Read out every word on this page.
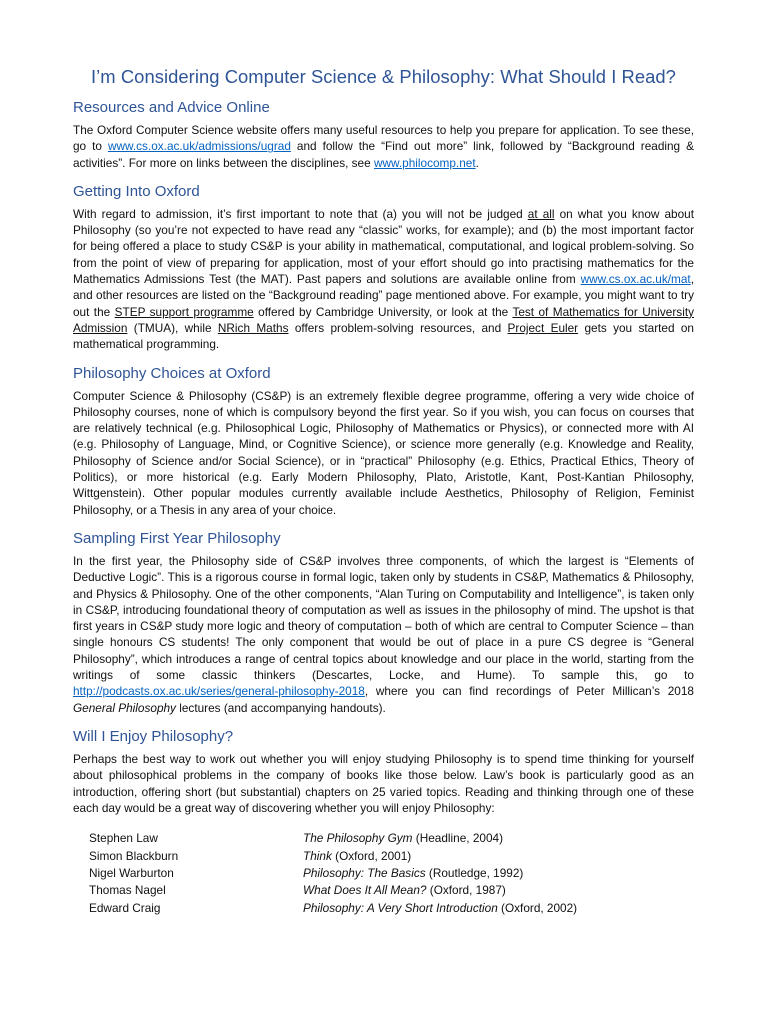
I’m Considering Computer Science & Philosophy: What Should I Read?
Resources and Advice Online

The Oxford Computer Science website offers many useful resources to help you prepare for application. To see these, go to www.cs.ox.ac.uk/admissions/ugrad and follow the “Find out more” link, followed by “Background reading & activities”. For more on links between the disciplines, see www.philocomp.net.

Getting Into Oxford

With regard to admission, it’s first important to note that (a) you will not be judged at all on what you know about Philosophy (so you’re not expected to have read any “classic” works, for example); and (b) the most important factor for being offered a place to study CS&P is your ability in mathematical, computational, and logical problem-solving. So from the point of view of preparing for application, most of your effort should go into practising mathematics for the Mathematics Admissions Test (the MAT). Past papers and solutions are available online from www.cs.ox.ac.uk/mat, and other resources are listed on the “Background reading” page mentioned above. For example, you might want to try out the STEP support programme offered by Cambridge University, or look at the Test of Mathematics for University Admission (TMUA), while NRich Maths offers problem-solving resources, and Project Euler gets you started on mathematical programming.

Philosophy Choices at Oxford

Computer Science & Philosophy (CS&P) is an extremely flexible degree programme, offering a very wide choice of Philosophy courses, none of which is compulsory beyond the first year. So if you wish, you can focus on courses that are relatively technical (e.g. Philosophical Logic, Philosophy of Mathematics or Physics), or connected more with AI (e.g. Philosophy of Language, Mind, or Cognitive Science), or science more generally (e.g. Knowledge and Reality, Philosophy of Science and/or Social Science), or in “practical” Philosophy (e.g. Ethics, Practical Ethics, Theory of Politics), or more historical (e.g. Early Modern Philosophy, Plato, Aristotle, Kant, Post-Kantian Philosophy, Wittgenstein). Other popular modules currently available include Aesthetics, Philosophy of Religion, Feminist Philosophy, or a Thesis in any area of your choice.

Sampling First Year Philosophy

In the first year, the Philosophy side of CS&P involves three components, of which the largest is “Elements of Deductive Logic”. This is a rigorous course in formal logic, taken only by students in CS&P, Mathematics & Philosophy, and Physics & Philosophy. One of the other components, “Alan Turing on Computability and Intelligence”, is taken only in CS&P, introducing foundational theory of computation as well as issues in the philosophy of mind. The upshot is that first years in CS&P study more logic and theory of computation – both of which are central to Computer Science – than single honours CS students! The only component that would be out of place in a pure CS degree is “General Philosophy”, which introduces a range of central topics about knowledge and our place in the world, starting from the writings of some classic thinkers (Descartes, Locke, and Hume). To sample this, go to http://podcasts.ox.ac.uk/series/general-philosophy-2018, where you can find recordings of Peter Millican’s 2018 General Philosophy lectures (and accompanying handouts).

Will I Enjoy Philosophy?

Perhaps the best way to work out whether you will enjoy studying Philosophy is to spend time thinking for yourself about philosophical problems in the company of books like those below. Law’s book is particularly good as an introduction, offering short (but substantial) chapters on 25 varied topics. Reading and thinking through one of these each day would be a great way of discovering whether you will enjoy Philosophy:

Stephen Law	The Philosophy Gym (Headline, 2004)
Simon Blackburn	Think (Oxford, 2001)
Nigel Warburton	Philosophy: The Basics (Routledge, 1992)
Thomas Nagel	What Does It All Mean? (Oxford, 1987)
Edward Craig	Philosophy: A Very Short Introduction (Oxford, 2002)
